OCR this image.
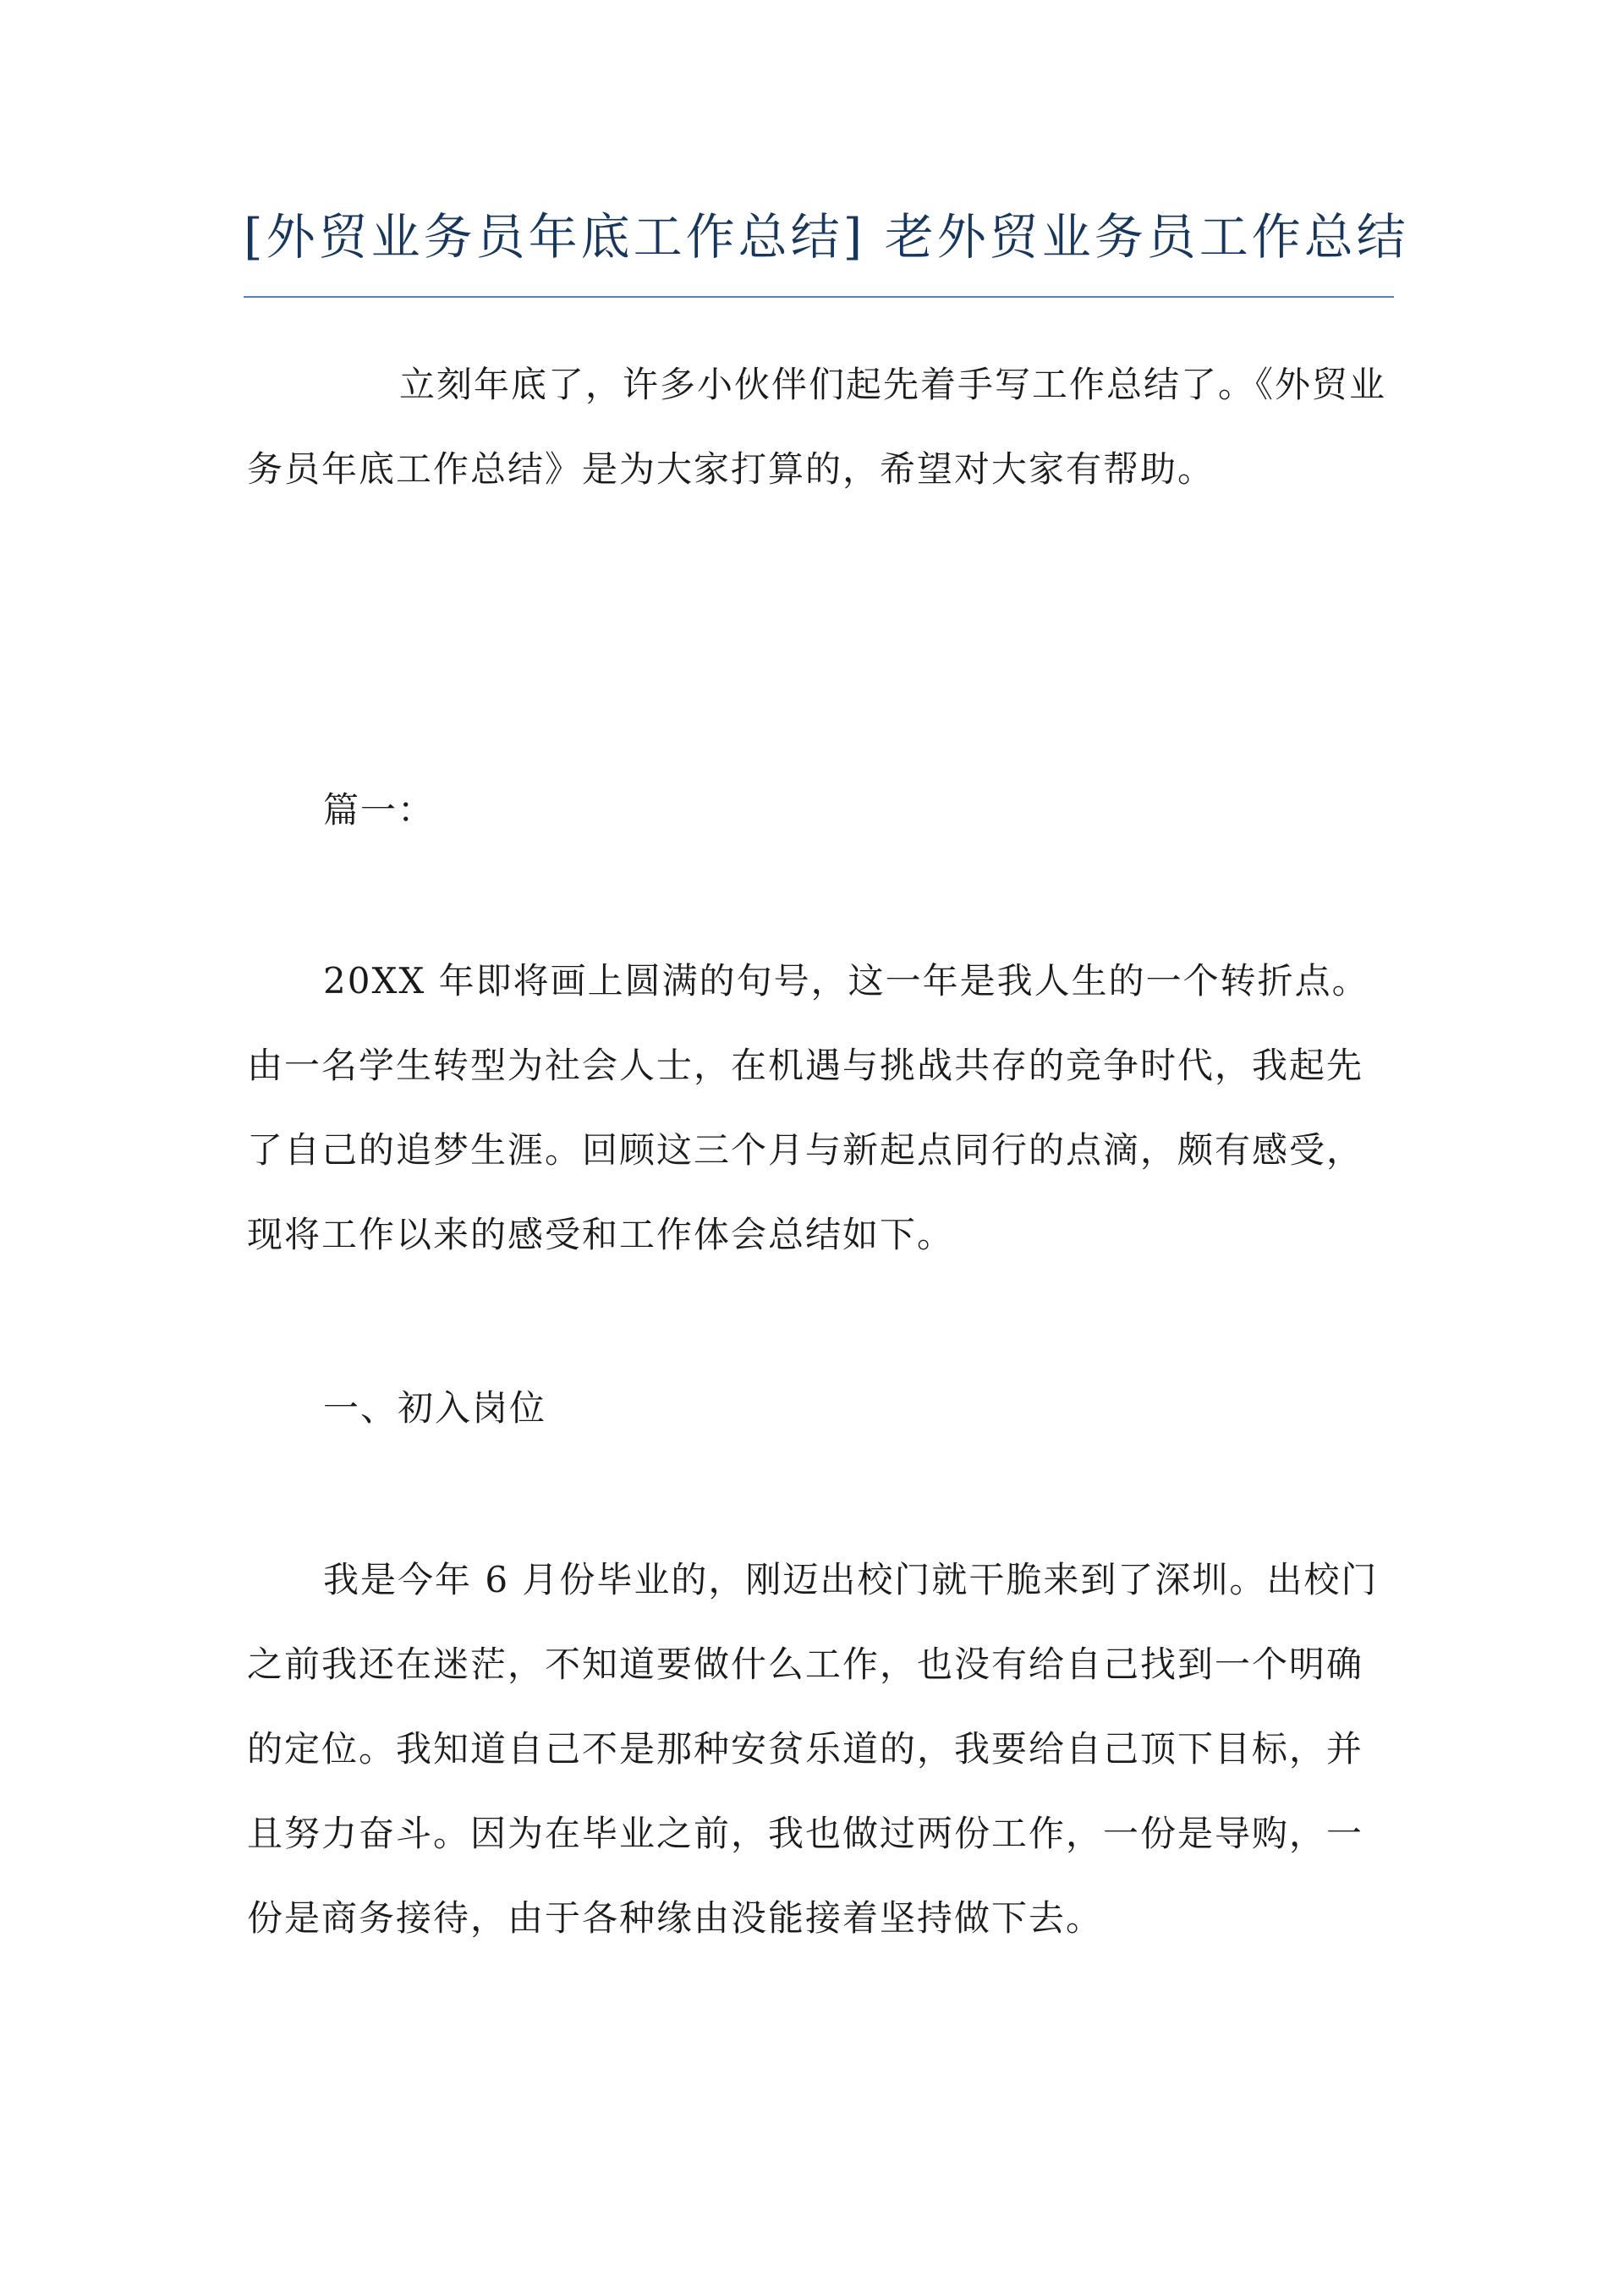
[外贸业务员年底工作总结] 老外贸业务员工作总结

立刻年底了，许多小伙伴们起先着手写工作总结了。《外贸业务员年底工作总结》是为大家打算的，希望对大家有帮助。

篇一：

20XX 年即将画上圆满的句号，这一年是我人生的一个转折点。由一名学生转型为社会人士，在机遇与挑战共存的竞争时代，我起先了自己的追梦生涯。回顾这三个月与新起点同行的点滴，颇有感受，现将工作以来的感受和工作体会总结如下。

一、初入岗位

我是今年 6 月份毕业的，刚迈出校门就干脆来到了深圳。出校门之前我还在迷茫，不知道要做什么工作，也没有给自己找到一个明确的定位。我知道自己不是那种安贫乐道的，我要给自己顶下目标，并且努力奋斗。因为在毕业之前，我也做过两份工作，一份是导购，一份是商务接待，由于各种缘由没能接着坚持做下去。
